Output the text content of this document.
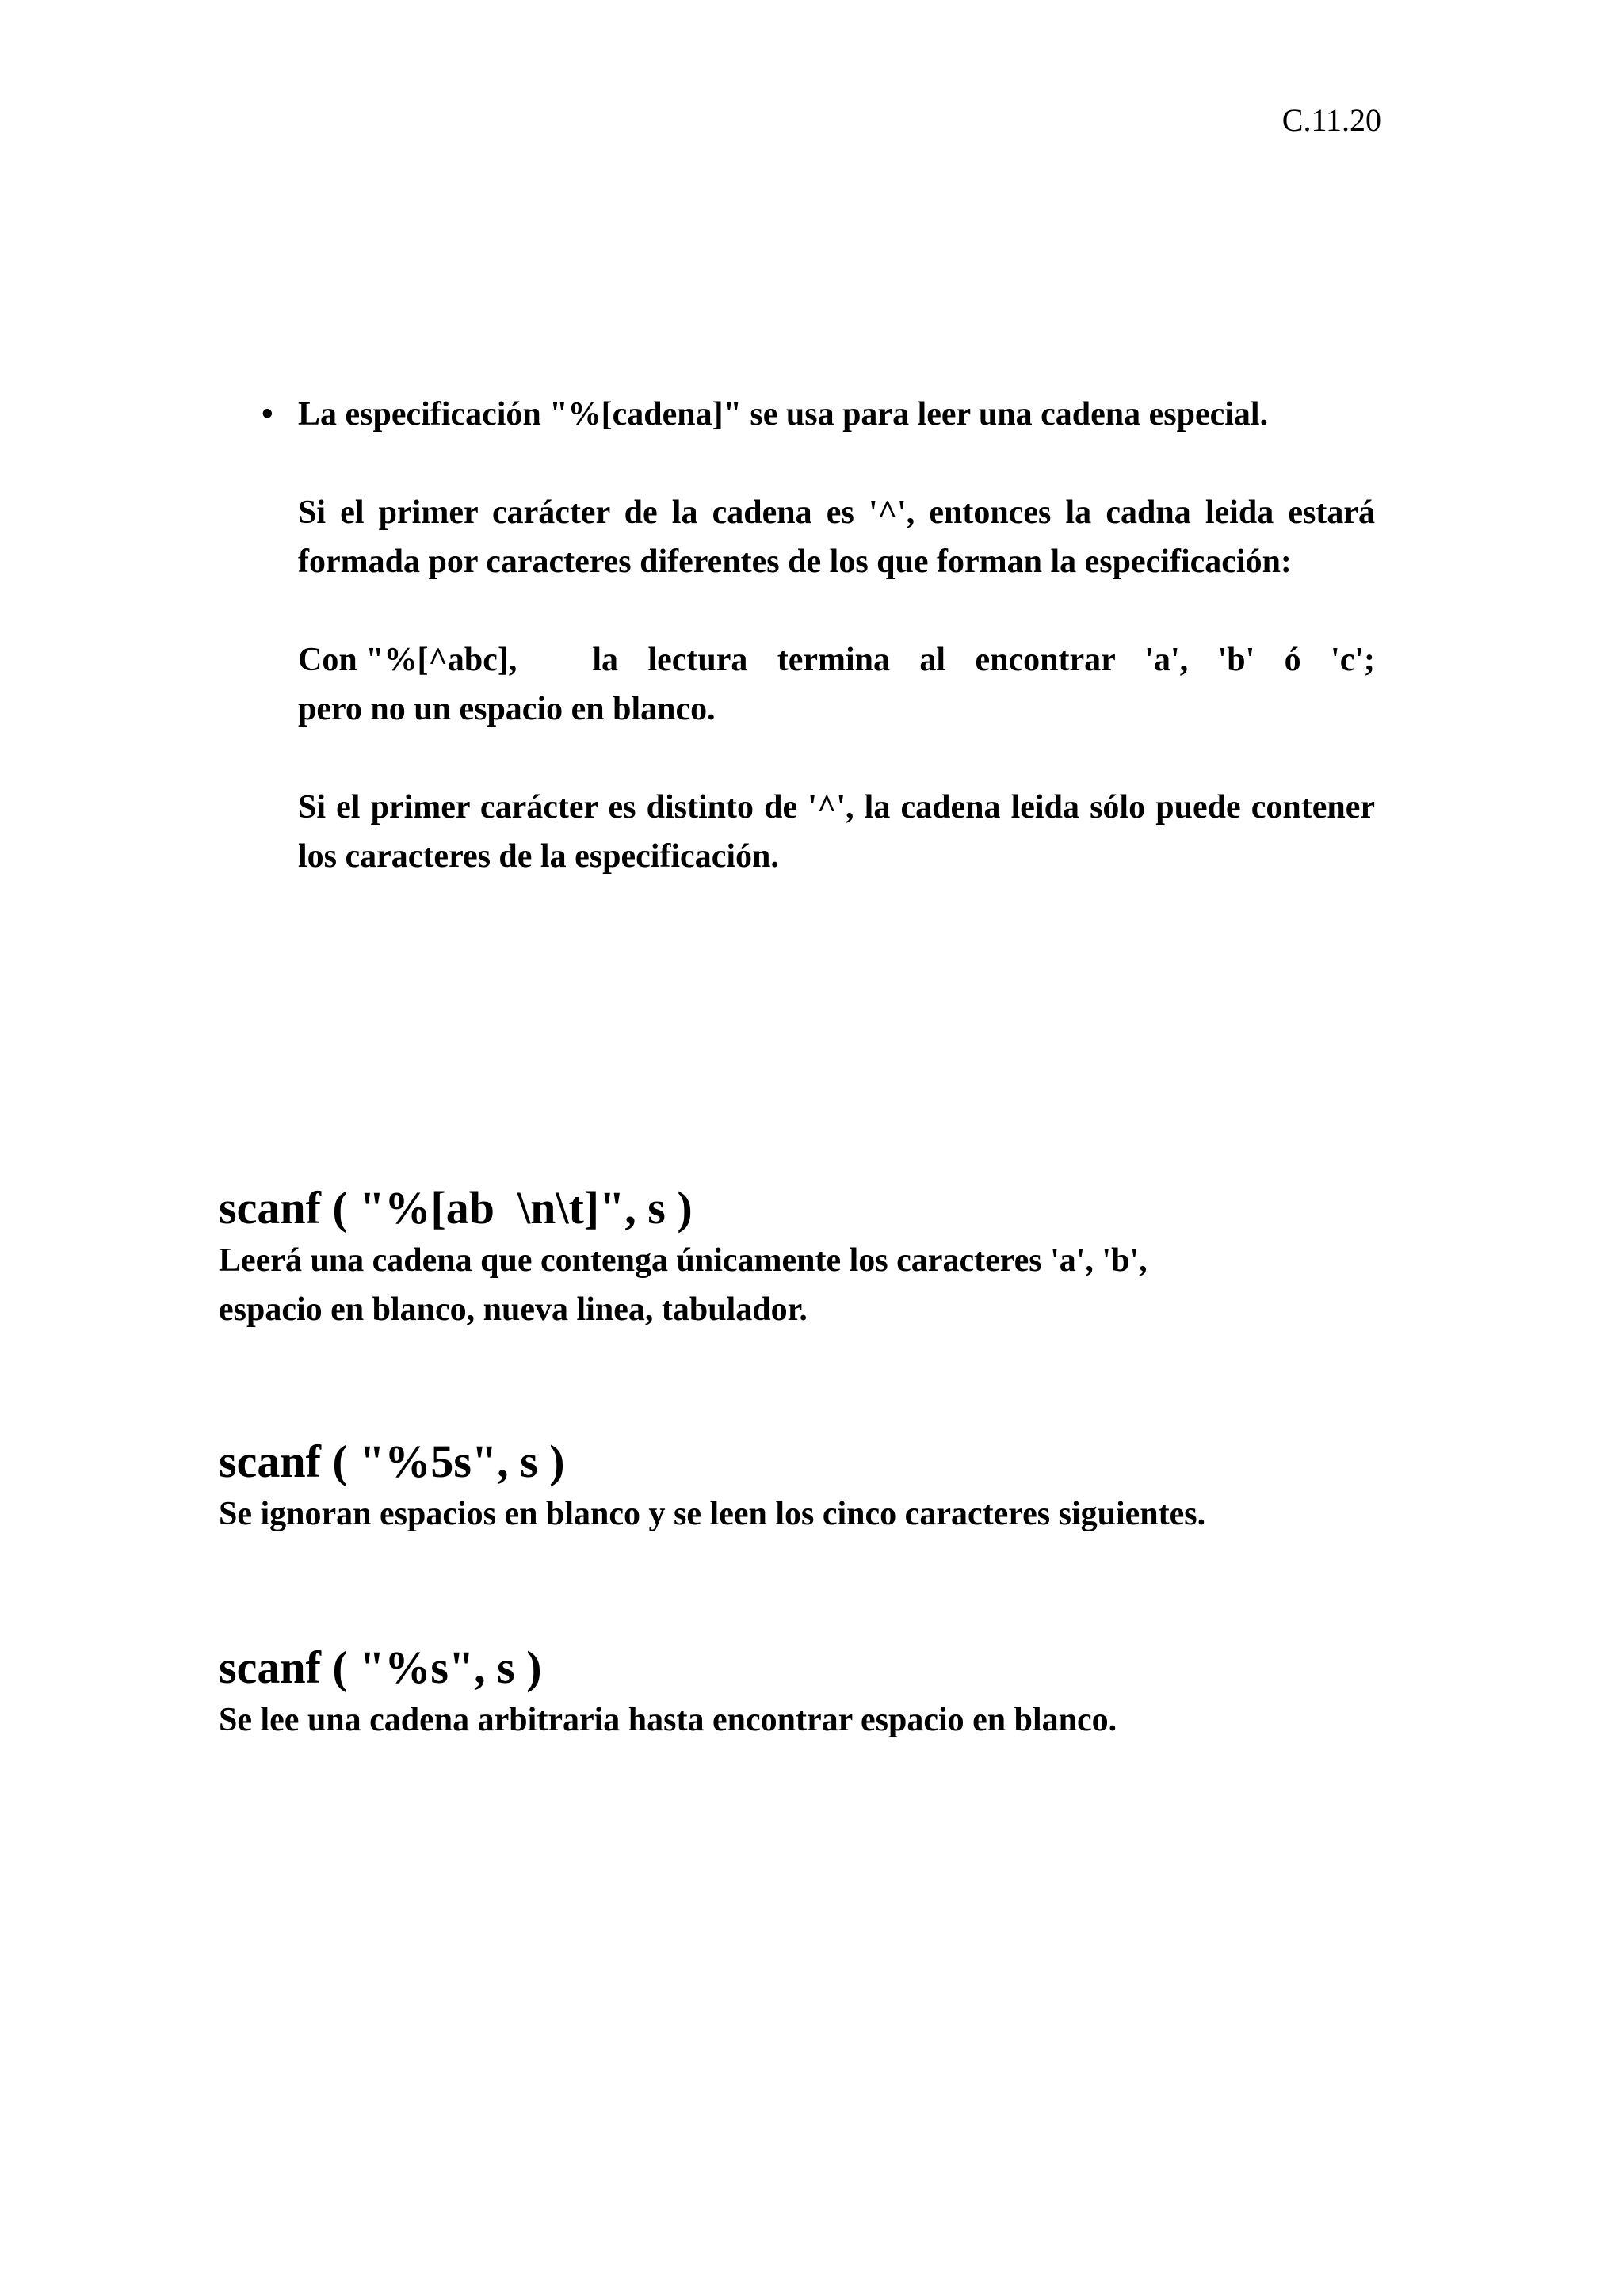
C.11.20
• La especificación "%[cadena]" se usa para leer una cadena especial.

Si el primer carácter de la cadena es '^', entonces la cadna leida estará formada por caracteres diferentes de los que forman la especificación:

Con "%[^abc], la lectura termina al encontrar 'a', 'b' ó 'c';

pero no un espacio en blanco.

Si el primer carácter es distinto de '^', la cadena leida sólo puede contener los caracteres de la especificación.

scanf ( "%[ab  \n\t]", s )

Leerá una cadena que contenga únicamente los caracteres 'a', 'b',

espacio en blanco, nueva linea, tabulador.

scanf ( "%5s", s )

Se ignoran espacios en blanco y se leen los cinco caracteres siguientes.

scanf ( "%s", s )

Se lee una cadena arbitraria hasta encontrar espacio en blanco.
